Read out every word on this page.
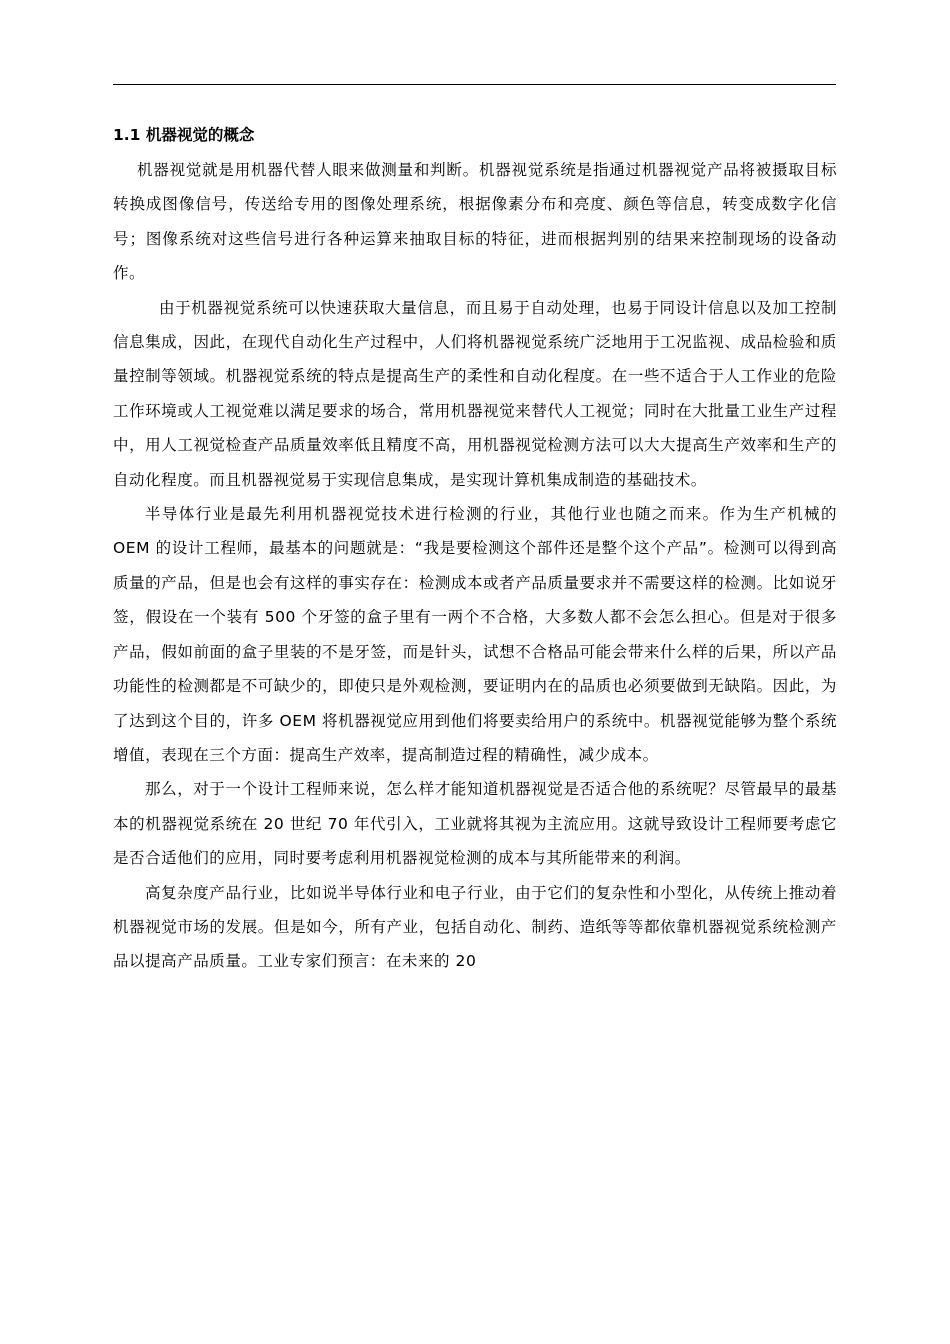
1.1 机器视觉的概念

机器视觉就是用机器代替人眼来做测量和判断。机器视觉系统是指通过机器视觉产品将被摄取目标转换成图像信号，传送给专用的图像处理系统，根据像素分布和亮度、颜色等信息，转变成数字化信号；图像系统对这些信号进行各种运算来抽取目标的特征，进而根据判别的结果来控制现场的设备动作。

由于机器视觉系统可以快速获取大量信息，而且易于自动处理，也易于同设计信息以及加工控制信息集成，因此，在现代自动化生产过程中，人们将机器视觉系统广泛地用于工况监视、成品检验和质量控制等领域。机器视觉系统的特点是提高生产的柔性和自动化程度。在一些不适合于人工作业的危险工作环境或人工视觉难以满足要求的场合，常用机器视觉来替代人工视觉；同时在大批量工业生产过程中，用人工视觉检查产品质量效率低且精度不高，用机器视觉检测方法可以大大提高生产效率和生产的自动化程度。而且机器视觉易于实现信息集成，是实现计算机集成制造的基础技术。

半导体行业是最先利用机器视觉技术进行检测的行业，其他行业也随之而来。作为生产机械的 OEM 的设计工程师，最基本的问题就是：“我是要检测这个部件还是整个这个产品”。检测可以得到高质量的产品，但是也会有这样的事实存在：检测成本或者产品质量要求并不需要这样的检测。比如说牙签，假设在一个装有 500 个牙签的盒子里有一两个不合格，大多数人都不会怎么担心。但是对于很多产品，假如前面的盒子里装的不是牙签，而是针头，试想不合格品可能会带来什么样的后果，所以产品功能性的检测都是不可缺少的，即使只是外观检测，要证明内在的品质也必须要做到无缺陷。因此，为了达到这个目的，许多 OEM 将机器视觉应用到他们将要卖给用户的系统中。机器视觉能够为整个系统增值，表现在三个方面：提高生产效率，提高制造过程的精确性，减少成本。

那么，对于一个设计工程师来说，怎么样才能知道机器视觉是否适合他的系统呢？尽管最早的最基本的机器视觉系统在 20 世纪 70 年代引入，工业就将其视为主流应用。这就导致设计工程师要考虑它是否合适他们的应用，同时要考虑利用机器视觉检测的成本与其所能带来的利润。

高复杂度产品行业，比如说半导体行业和电子行业，由于它们的复杂性和小型化，从传统上推动着机器视觉市场的发展。但是如今，所有产业，包括自动化、制药、造纸等等都依靠机器视觉系统检测产品以提高产品质量。工业专家们预言：在未来的 20
